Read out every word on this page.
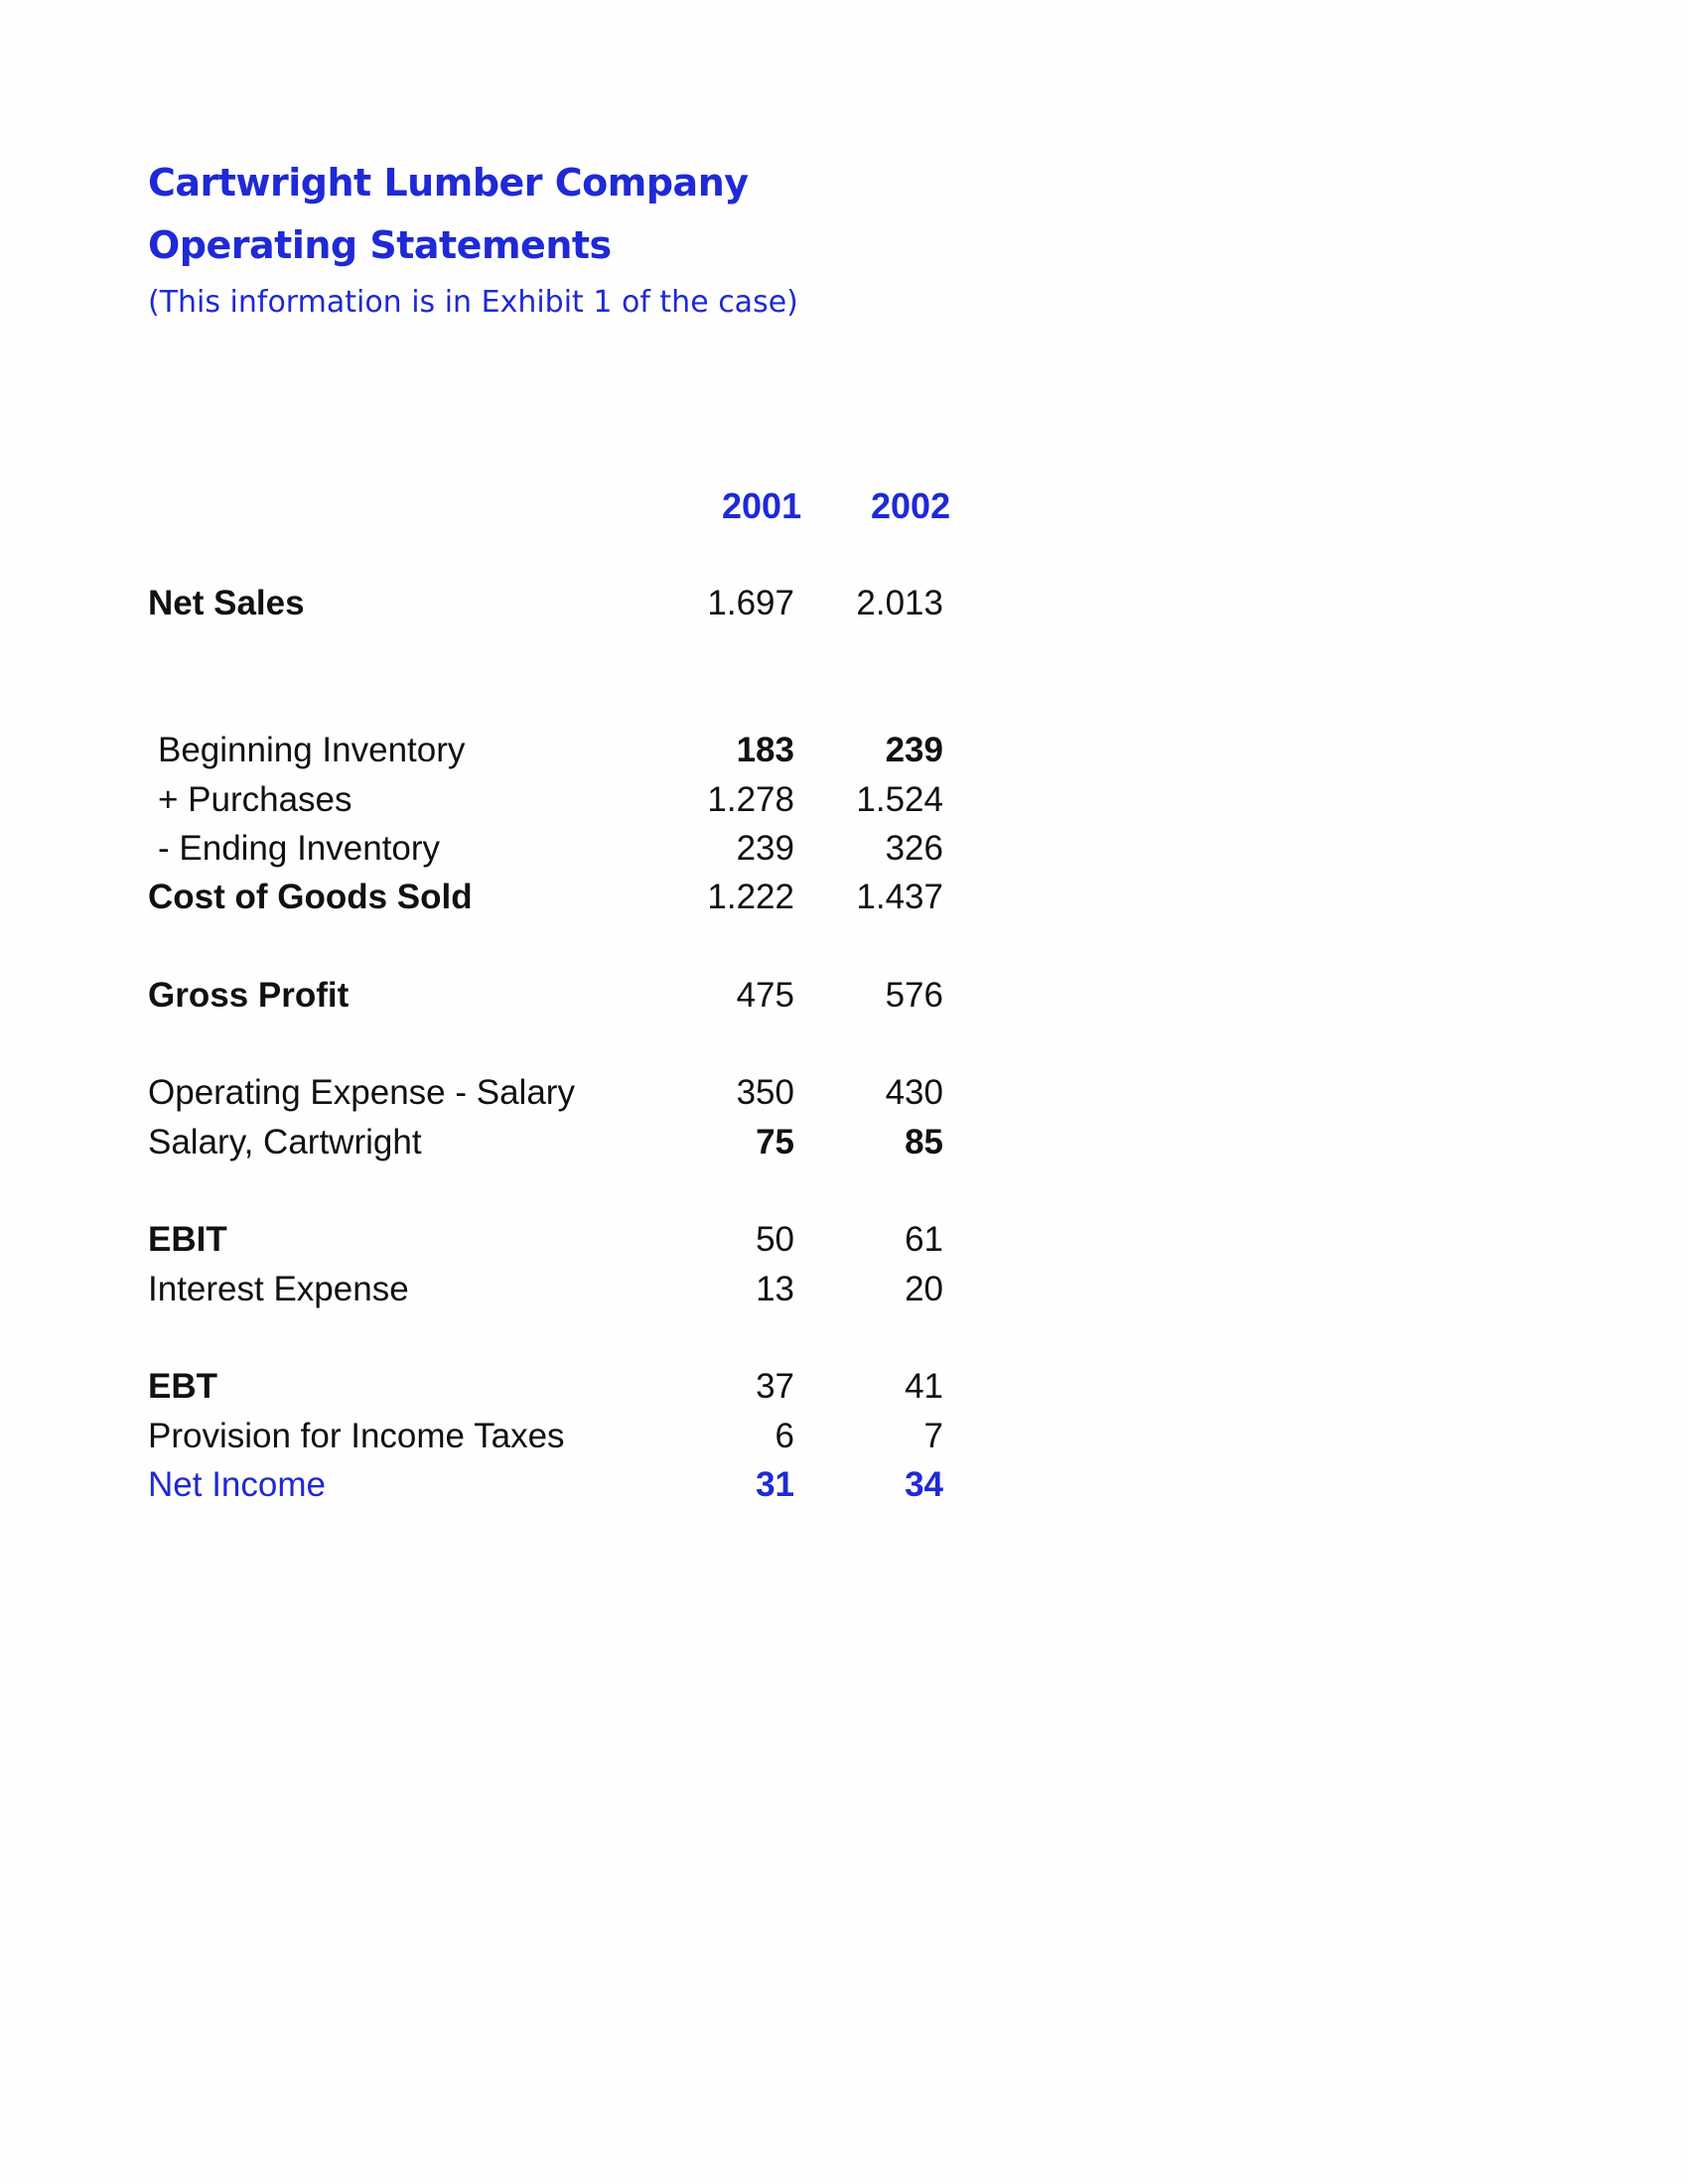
Cartwright Lumber Company
Operating Statements
(This information is in Exhibit 1 of the case)
2001 2002
Net Sales	1.697	2.013
Beginning Inventory	183	239
+ Purchases	1.278	1.524
- Ending Inventory	239	326
Cost of Goods Sold	1.222	1.437
Gross Profit	475	576
Operating Expense - Salary	350	430
Salary, Cartwright	75	85
EBIT	50	61
Interest Expense	13	20
EBT	37	41
Provision for Income Taxes	6	7
Net Income	31	34
